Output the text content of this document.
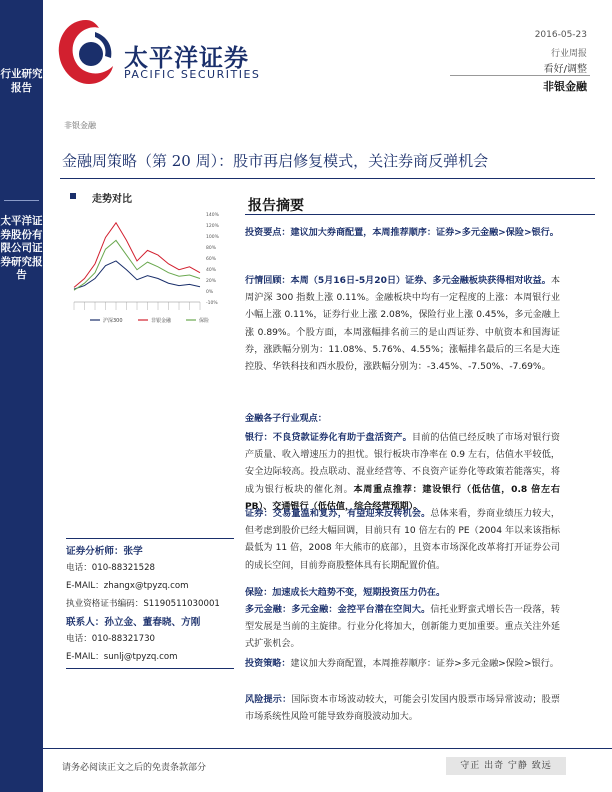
行业研究报告
太平洋证券股份有限公司证券研究报告
太平洋证券
PACIFIC SECURITIES
2016-05-23
行业周报
看好/调整
非银金融
非银金融
金融周策略（第 20 周）：股市再启修复模式，关注券商反弹机会
走势对比
140%
120%
100%
80%
60%
40%
20%
0%
-10%
沪深300	非银金融	保险
报告摘要
投资要点：建议加大券商配置，本周推荐顺序：证券>多元金融>保险>银行。
行情回顾：本周（5月16日-5月20日）证券、多元金融板块获得相对收益。本周沪深 300 指数上涨 0.11%。金融板块中均有一定程度的上涨：本周银行业小幅上涨 0.11%，证券行业上涨 2.08%，保险行业上涨 0.45%，多元金融上涨 0.89%。个股方面，本周涨幅排名前三的是山西证券、中航资本和国海证券，涨跌幅分别为：11.08%、5.76%、4.55%；涨幅排名最后的三名是大连控股、华铁科技和西水股份，涨跌幅分别为：-3.45%、-7.50%、-7.69%。
金融各子行业观点：
银行：不良贷款证券化有助于盘活资产。目前的估值已经反映了市场对银行资产质量、收入增速压力的担忧。银行板块市净率在 0.9 左右，估值水平较低，安全边际较高。投点联动、混业经营等、不良资产证券化等政策若能落实，将成为银行板块的催化剂。本周重点推荐：建设银行（低估值，0.8 倍左右 PB）、交通银行（低估值，综合经营预期）。
证券：交易量温和复苏，有望迎来反转机会。总体来看，券商业绩压力较大，但考虑到股价已经大幅回调，目前只有 10 倍左右的 PE（2004 年以来该指标最低为 11 倍，2008 年大熊市的底部），且资本市场深化改革将打开证券公司的成长空间，目前券商股整体具有长期配置价值。
保险：加速成长大趋势不变，短期投资压力仍在。
多元金融：多元金融：金控平台潜在空间大。信托业野蛮式增长告一段落，转型发展是当前的主旋律。行业分化将加大，创新能力更加重要。重点关注外延式扩张机会。
投资策略：建议加大券商配置，本周推荐顺序：证券>多元金融>保险>银行。
风险提示：国际资本市场波动较大，可能会引发国内股票市场异常波动；股票市场系统性风险可能导致券商股波动加大。
证券分析师：张学
电话：010-88321528
E-MAIL：zhangx@tpyzq.com
执业资格证书编码：S1190511030001
联系人：孙立金、董春晓、方刚
电话：010-88321730
E-MAIL：sunlj@tpyzq.com
请务必阅读正文之后的免责条款部分	守正 出奇 宁静 致远
